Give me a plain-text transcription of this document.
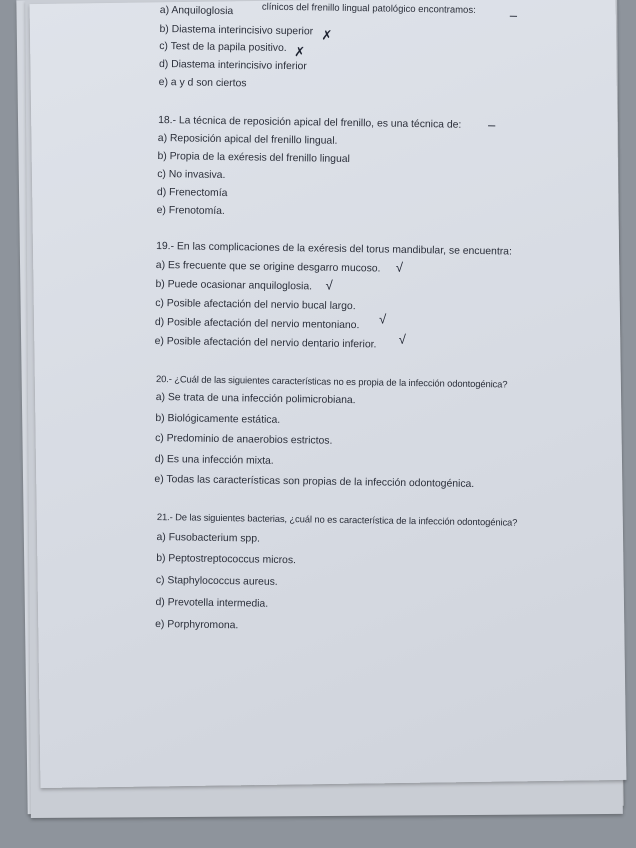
clínicos del frenillo lingual patológico encontramos:	–
a) Anquiloglosia
b) Diastema interincisivo superior ✗
c) Test de la papila positivo. ✗
d) Diastema interincisivo inferior
e) a y d son ciertos
18.- La técnica de reposición apical del frenillo, es una técnica de: –
a) Reposición apical del frenillo lingual.
b) Propia de la exéresis del frenillo lingual
c) No invasiva.
d) Frenectomía
e) Frenotomía.
19.- En las complicaciones de la exéresis del torus mandibular, se encuentra:
a) Es frecuente que se origine desgarro mucoso. √
b) Puede ocasionar anquiloglosia. √
c) Posible afectación del nervio bucal largo.
d) Posible afectación del nervio mentoniano. √
e) Posible afectación del nervio dentario inferior. √
20.- ¿Cuál de las siguientes características no es propia de la infección odontogénica?
a) Se trata de una infección polimicrobiana.
b) Biológicamente estática.
c) Predominio de anaerobios estrictos.
d) Es una infección mixta.
e) Todas las características son propias de la infección odontogénica.
21.- De las siguientes bacterias, ¿cuál no es característica de la infección odontogénica?
a) Fusobacterium spp.
b) Peptostreptococcus micros.
c) Staphylococcus aureus.
d) Prevotella intermedia.
e) Porphyromona.
